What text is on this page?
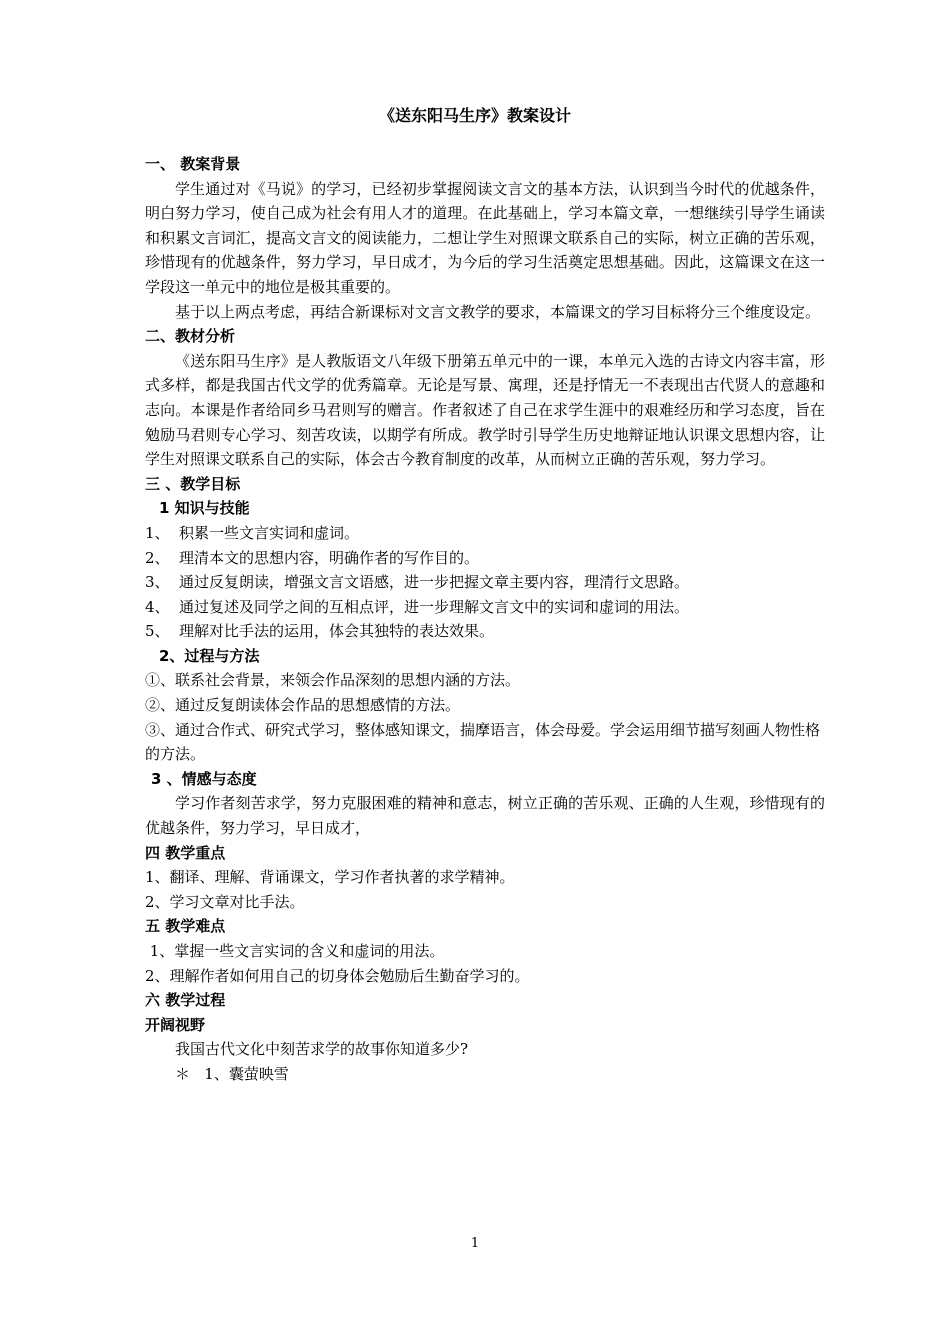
《送东阳马生序》教案设计

一、 教案背景

学生通过对《马说》的学习，已经初步掌握阅读文言文的基本方法，认识到当今时代的优越条件，明白努力学习，使自己成为社会有用人才的道理。在此基础上，学习本篇文章，一想继续引导学生诵读和积累文言词汇，提高文言文的阅读能力，二想让学生对照课文联系自己的实际，树立正确的苦乐观，珍惜现有的优越条件，努力学习，早日成才，为今后的学习生活奠定思想基础。因此，这篇课文在这一学段这一单元中的地位是极其重要的。

基于以上两点考虑，再结合新课标对文言文教学的要求，本篇课文的学习目标将分三个维度设定。

二、教材分析

《送东阳马生序》是人教版语文八年级下册第五单元中的一课，本单元入选的古诗文内容丰富，形式多样，都是我国古代文学的优秀篇章。无论是写景、寓理，还是抒情无一不表现出古代贤人的意趣和志向。本课是作者给同乡马君则写的赠言。作者叙述了自己在求学生涯中的艰难经历和学习态度，旨在勉励马君则专心学习、刻苦攻读，以期学有所成。教学时引导学生历史地辩证地认识课文思想内容，让学生对照课文联系自己的实际，体会古今教育制度的改革，从而树立正确的苦乐观，努力学习。

三 、教学目标

1 知识与技能

1、 积累一些文言实词和虚词。
2、 理清本文的思想内容，明确作者的写作目的。
3、 通过反复朗读，增强文言文语感，进一步把握文章主要内容，理清行文思路。
4、 通过复述及同学之间的互相点评，进一步理解文言文中的实词和虚词的用法。
5、 理解对比手法的运用，体会其独特的表达效果。

2、过程与方法

①、联系社会背景，来领会作品深刻的思想内涵的方法。

②、通过反复朗读体会作品的思想感情的方法。

③、通过合作式、研究式学习，整体感知课文，揣摩语言，体会母爱。学会运用细节描写刻画人物性格的方法。

3 、情感与态度

学习作者刻苦求学，努力克服困难的精神和意志，树立正确的苦乐观、正确的人生观，珍惜现有的优越条件，努力学习，早日成才，

四 教学重点

1、翻译、理解、背诵课文，学习作者执著的求学精神。

2、学习文章对比手法。

五 教学难点

1、掌握一些文言实词的含义和虚词的用法。

2、理解作者如何用自己的切身体会勉励后生勤奋学习的。

六 教学过程

开阔视野

我国古代文化中刻苦求学的故事你知道多少?

＊   1、囊萤映雪

1
